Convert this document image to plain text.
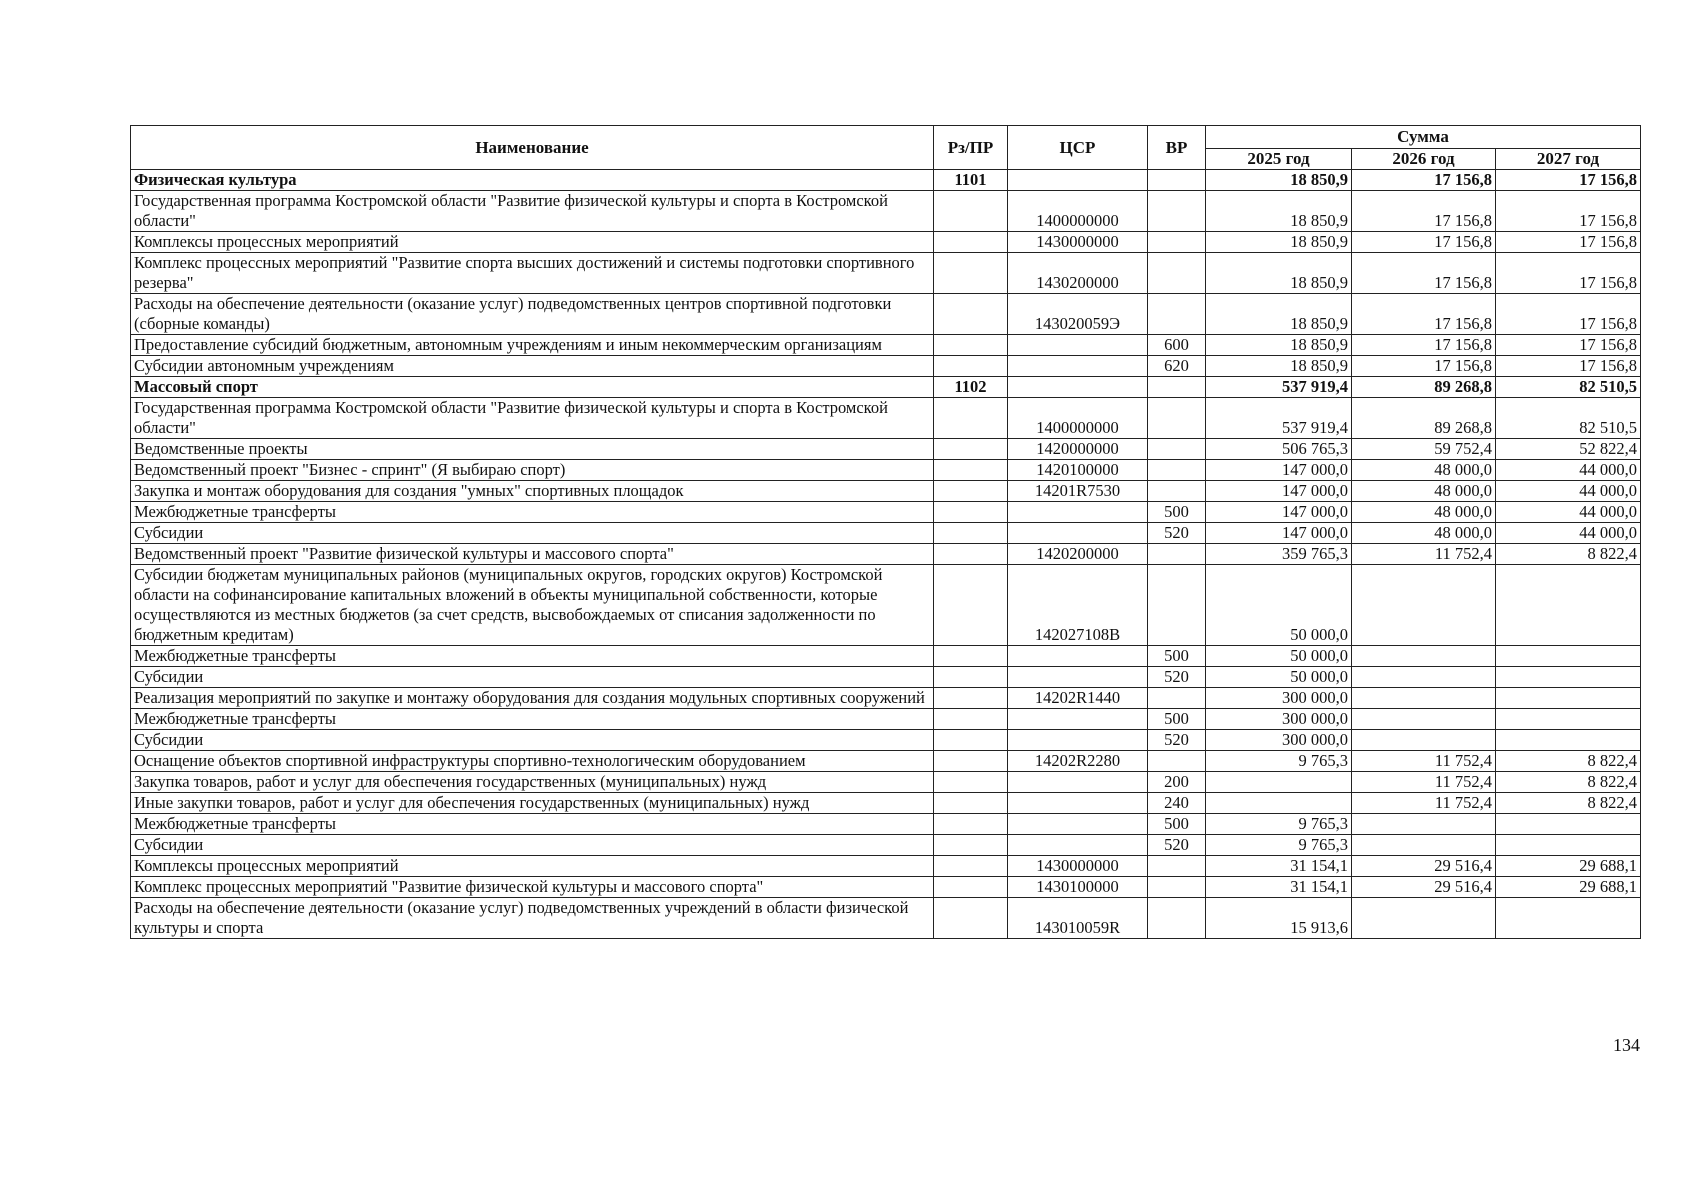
Наименование	Рз/ПР	ЦСР	ВР	Сумма		
				2025 год	2026 год	2027 год
Физическая культура	1101			18 850,9	17 156,8	17 156,8
Государственная программа Костромской области "Развитие физической культуры и спорта в Костромской области"		1400000000		18 850,9	17 156,8	17 156,8
Комплексы процессных мероприятий		1430000000		18 850,9	17 156,8	17 156,8
Комплекс процессных мероприятий "Развитие спорта высших достижений и системы подготовки спортивного резерва"		1430200000		18 850,9	17 156,8	17 156,8
Расходы на обеспечение деятельности (оказание услуг) подведомственных центров спортивной подготовки (сборные команды)		143020059Э		18 850,9	17 156,8	17 156,8
Предоставление субсидий бюджетным, автономным учреждениям и иным некоммерческим организациям			600	18 850,9	17 156,8	17 156,8
Субсидии автономным учреждениям			620	18 850,9	17 156,8	17 156,8
Массовый спорт	1102			537 919,4	89 268,8	82 510,5
Государственная программа Костромской области "Развитие физической культуры и спорта в Костромской области"		1400000000		537 919,4	89 268,8	82 510,5
Ведомственные проекты		1420000000		506 765,3	59 752,4	52 822,4
Ведомственный проект "Бизнес - спринт" (Я выбираю спорт)		1420100000		147 000,0	48 000,0	44 000,0
Закупка и монтаж оборудования для создания "умных" спортивных площадок		14201R7530		147 000,0	48 000,0	44 000,0
Межбюджетные трансферты			500	147 000,0	48 000,0	44 000,0
Субсидии			520	147 000,0	48 000,0	44 000,0
Ведомственный проект "Развитие физической культуры и массового спорта"		1420200000		359 765,3	11 752,4	8 822,4
Субсидии бюджетам муниципальных районов (муниципальных округов, городских округов) Костромской области на софинансирование капитальных вложений в объекты муниципальной собственности, которые осуществляются из местных бюджетов (за счет средств, высвобождаемых от списания задолженности по бюджетным кредитам)		142027108В		50 000,0		
Межбюджетные трансферты			500	50 000,0		
Субсидии			520	50 000,0		
Реализация мероприятий по закупке и монтажу оборудования для создания модульных спортивных сооружений		14202R1440		300 000,0		
Межбюджетные трансферты			500	300 000,0		
Субсидии			520	300 000,0		
Оснащение объектов спортивной инфраструктуры спортивно-технологическим оборудованием		14202R2280		9 765,3	11 752,4	8 822,4
Закупка товаров, работ и услуг для обеспечения государственных (муниципальных) нужд			200		11 752,4	8 822,4
Иные закупки товаров, работ и услуг для обеспечения государственных (муниципальных) нужд			240		11 752,4	8 822,4
Межбюджетные трансферты			500	9 765,3		
Субсидии			520	9 765,3		
Комплексы процессных мероприятий		1430000000		31 154,1	29 516,4	29 688,1
Комплекс процессных мероприятий "Развитие физической культуры и массового спорта"		1430100000		31 154,1	29 516,4	29 688,1
Расходы на обеспечение деятельности (оказание услуг) подведомственных учреждений в области физической культуры и спорта		143010059R		15 913,6		
134
